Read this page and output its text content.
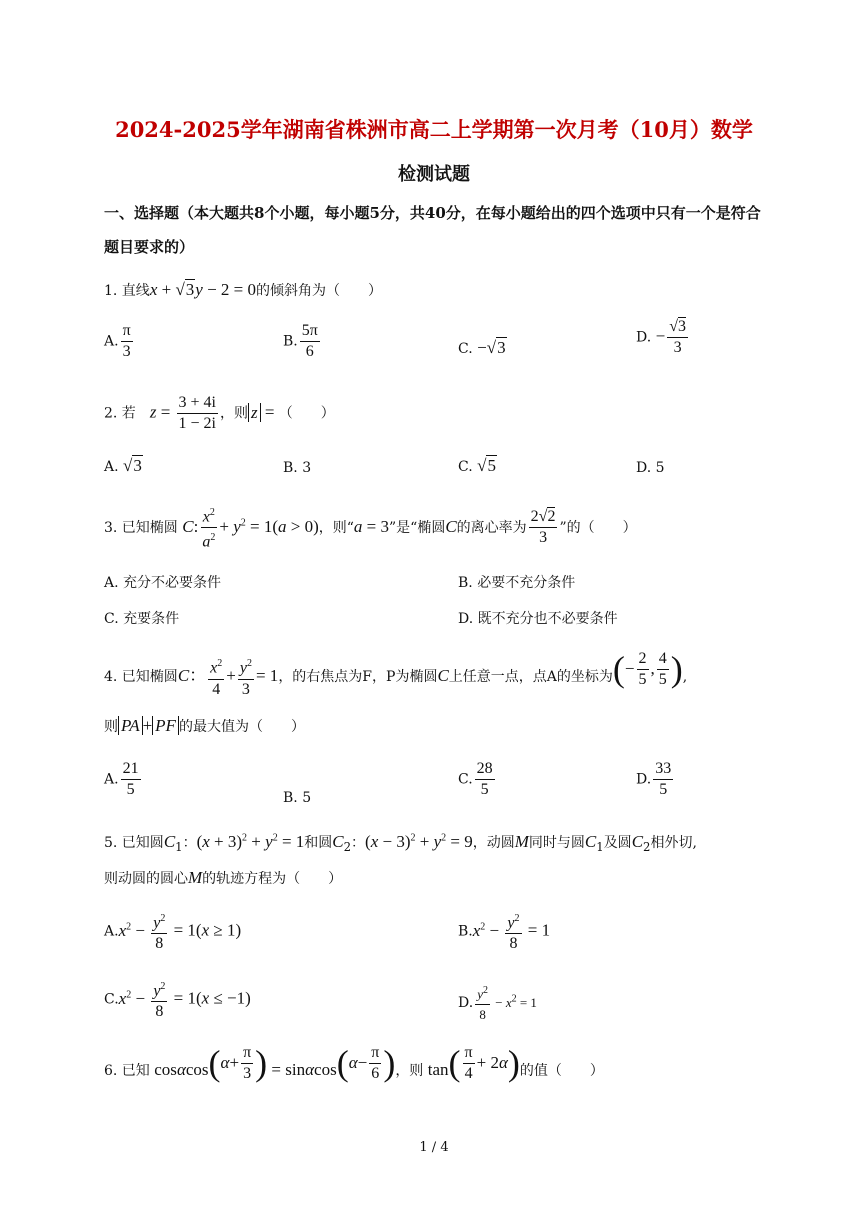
2024-2025学年湖南省株洲市高二上学期第一次月考（10月）数学
检测试题
一、选择题（本大题共8个小题，每小题5分，共40分，在每小题给出的四个选项中只有一个是符合题目要求的）
1. 直线x + √3y − 2 = 0的倾斜角为（　　）
A. $\frac{\pi}{3}$	B. $\frac{5\pi}{6}$	C. −√3
D. − $\frac{√3}{3}$
2. 若　 $z = \frac{3 + 4i}{1 - 2i}$ ，则 z = （　　）
A. √3	B. 3	C. √5	D. 5
3. 已知椭圆 C: $\frac{x^2}{a^2} + y^2 = 1(a > 0)$，则“a = 3”是“椭圆C的离心率为 $\frac{2√2}{3}$ ”的（　　）
A. 充分不必要条件	B. 必要不充分条件
C. 充要条件	D. 既不充分也不必要条件
4. 已知椭圆C： $\frac{x^2}{4} + \frac{y^2}{3} = 1$，的右焦点为F，P为椭圆C上任意一点，点A的坐标为 ( − $\frac{2}{5}$ , $\frac{4}{5}$ ) ,
则 PA + PF 的最大值为（　　）
A. $\frac{21}{5}$	B. 5
C. $\frac{28}{5}$	D. $\frac{33}{5}$
5. 已知圆$C_1$：$(x + 3)^2 + y^2 = 1$和圆$C_2$：$(x - 3)^2 + y^2 = 9$，动圆M同时与圆$C_1$及圆$C_2$相外切,
则动圆的圆心M的轨迹方程为（　　）
$A.x^2 - \frac{y^2}{8} = 1(x \ge 1)$	$B.x^2 - \frac{y^2}{8} = 1$
$C.x^2 - \frac{y^2}{8} = 1(x \le -1)$	D. $\frac{y^2}{8} - x^2 = 1$
6. 已知 cosαcos ( $\alpha + \frac{\pi}{3}$ ) = sinαcos ( $\alpha - \frac{\pi}{6}$ ) ，则 tan ( $\frac{\pi}{4} + 2\alpha$ ) 的值（　　）
1 / 4
